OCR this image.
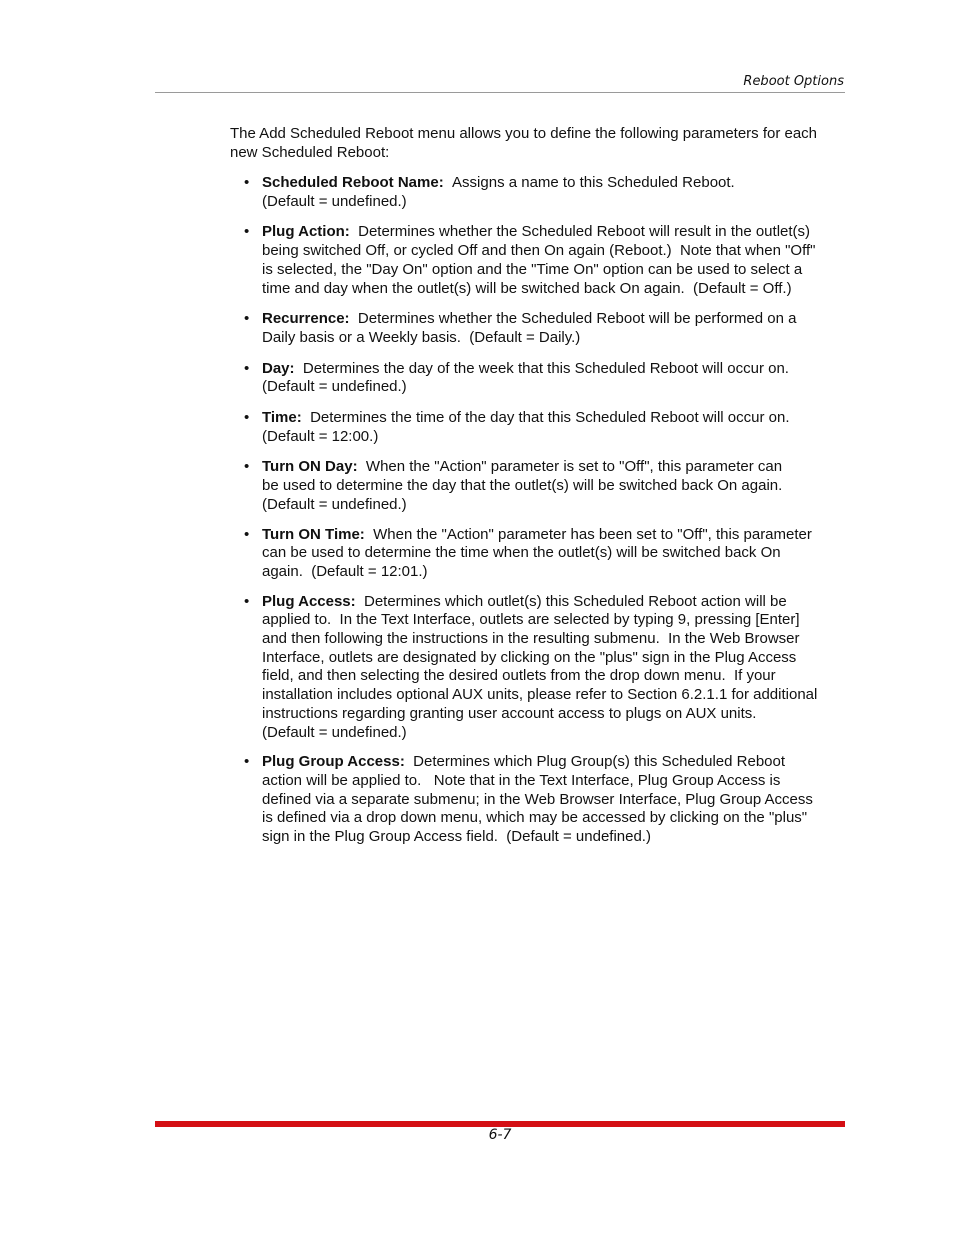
Reboot Options

The Add Scheduled Reboot menu allows you to define the following parameters for each new Scheduled Reboot:

• Scheduled Reboot Name: Assigns a name to this Scheduled Reboot.
(Default = undefined.)
• Plug Action: Determines whether the Scheduled Reboot will result in the outlet(s)
being switched Off, or cycled Off and then On again (Reboot.)  Note that when "Off"
is selected, the "Day On" option and the "Time On" option can be used to select a
time and day when the outlet(s) will be switched back On again.  (Default = Off.)
• Recurrence: Determines whether the Scheduled Reboot will be performed on a
Daily basis or a Weekly basis.  (Default = Daily.)
• Day: Determines the day of the week that this Scheduled Reboot will occur on.
(Default = undefined.)
• Time: Determines the time of the day that this Scheduled Reboot will occur on.
(Default = 12:00.)
• Turn ON Day: When the "Action" parameter is set to "Off", this parameter can
be used to determine the day that the outlet(s) will be switched back On again.
(Default = undefined.)
• Turn ON Time: When the "Action" parameter has been set to "Off", this parameter
can be used to determine the time when the outlet(s) will be switched back On
again.  (Default = 12:01.)
• Plug Access: Determines which outlet(s) this Scheduled Reboot action will be
applied to.  In the Text Interface, outlets are selected by typing 9, pressing [Enter]
and then following the instructions in the resulting submenu.  In the Web Browser
Interface, outlets are designated by clicking on the "plus" sign in the Plug Access
field, and then selecting the desired outlets from the drop down menu.  If your
installation includes optional AUX units, please refer to Section 6.2.1.1 for additional
instructions regarding granting user account access to plugs on AUX units.
(Default = undefined.)
• Plug Group Access: Determines which Plug Group(s) this Scheduled Reboot
action will be applied to.   Note that in the Text Interface, Plug Group Access is
defined via a separate submenu; in the Web Browser Interface, Plug Group Access
is defined via a drop down menu, which may be accessed by clicking on the "plus"
sign in the Plug Group Access field.  (Default = undefined.)
6-7
